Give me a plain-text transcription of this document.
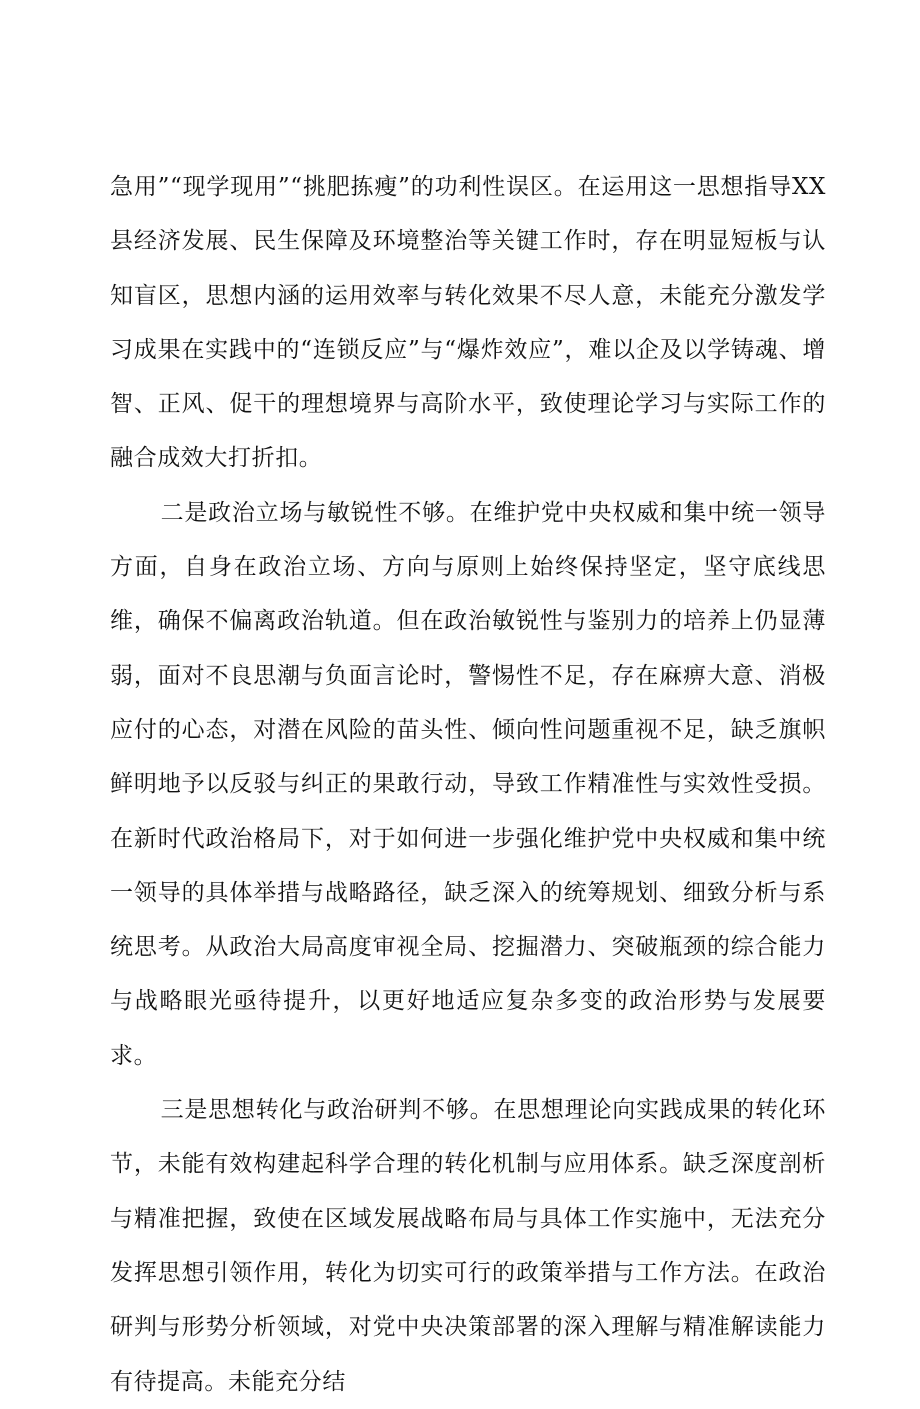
急用”“现学现用”“挑肥拣瘦”的功利性误区。在运用这一思想指导XX县经济发展、民生保障及环境整治等关键工作时，存在明显短板与认知盲区，思想内涵的运用效率与转化效果不尽人意，未能充分激发学习成果在实践中的“连锁反应”与“爆炸效应”，难以企及以学铸魂、增智、正风、促干的理想境界与高阶水平，致使理论学习与实际工作的融合成效大打折扣。

二是政治立场与敏锐性不够。在维护党中央权威和集中统一领导方面，自身在政治立场、方向与原则上始终保持坚定，坚守底线思维，确保不偏离政治轨道。但在政治敏锐性与鉴别力的培养上仍显薄弱，面对不良思潮与负面言论时，警惕性不足，存在麻痹大意、消极应付的心态，对潜在风险的苗头性、倾向性问题重视不足，缺乏旗帜鲜明地予以反驳与纠正的果敢行动，导致工作精准性与实效性受损。在新时代政治格局下，对于如何进一步强化维护党中央权威和集中统一领导的具体举措与战略路径，缺乏深入的统筹规划、细致分析与系统思考。从政治大局高度审视全局、挖掘潜力、突破瓶颈的综合能力与战略眼光亟待提升，以更好地适应复杂多变的政治形势与发展要求。

三是思想转化与政治研判不够。在思想理论向实践成果的转化环节，未能有效构建起科学合理的转化机制与应用体系。缺乏深度剖析与精准把握，致使在区域发展战略布局与具体工作实施中，无法充分发挥思想引领作用，转化为切实可行的政策举措与工作方法。在政治研判与形势分析领域，对党中央决策部署的深入理解与精准解读能力有待提高。未能充分结
